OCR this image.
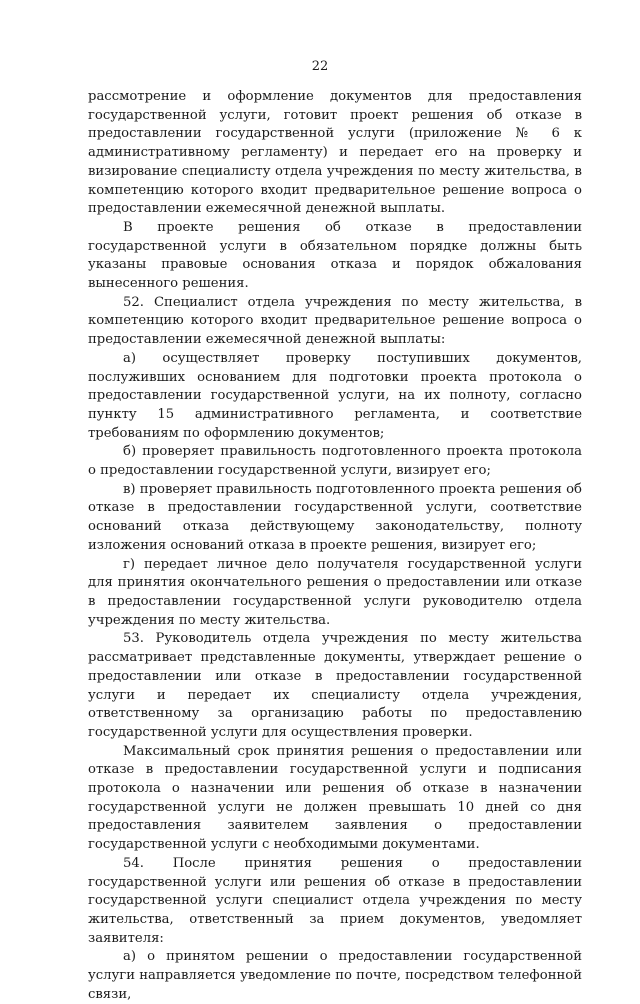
22

рассмотрение и оформление документов для предоставления государственной услуги, готовит проект решения об отказе в предоставлении государственной услуги (приложение № 6 к административному регламенту) и передает его на проверку и визирование специалисту отдела учреждения по месту жительства, в компетенцию которого входит предварительное решение вопроса о предоставлении ежемесячной денежной выплаты.

В проекте решения об отказе в предоставлении государственной услуги в обязательном порядке должны быть указаны правовые основания отказа и порядок обжалования вынесенного решения.

52. Специалист отдела учреждения по месту жительства, в компетенцию которого входит предварительное решение вопроса о предоставлении ежемесячной денежной выплаты:

а) осуществляет проверку поступивших документов, послуживших основанием для подготовки проекта протокола о предоставлении государственной услуги, на их полноту, согласно пункту 15 административного регламента, и соответствие требованиям по оформлению документов;

б) проверяет правильность подготовленного проекта протокола о предоставлении государственной услуги, визирует его;

в) проверяет правильность подготовленного проекта решения об отказе в предоставлении государственной услуги, соответствие оснований отказа действующему законодательству, полноту изложения оснований отказа в проекте решения, визирует его;

г) передает личное дело получателя государственной услуги для принятия окончательного решения о предоставлении или отказе в предоставлении государственной услуги руководителю отдела учреждения по месту жительства.

53. Руководитель отдела учреждения по месту жительства рассматривает представленные документы, утверждает решение о предоставлении или отказе в предоставлении государственной услуги и передает их специалисту отдела учреждения, ответственному за организацию работы по предоставлению государственной услуги для осуществления проверки.

Максимальный срок принятия решения о предоставлении или отказе в предоставлении государственной услуги и подписания протокола о назначении или решения об отказе в назначении государственной услуги не должен превышать 10 дней со дня предоставления заявителем заявления о предоставлении государственной услуги с необходимыми документами.

54. После принятия решения о предоставлении государственной услуги или решения об отказе в предоставлении государственной услуги специалист отдела учреждения по месту жительства, ответственный за прием документов, уведомляет заявителя:

а) о принятом решении о предоставлении государственной услуги направляется уведомление по почте, посредством телефонной связи,
